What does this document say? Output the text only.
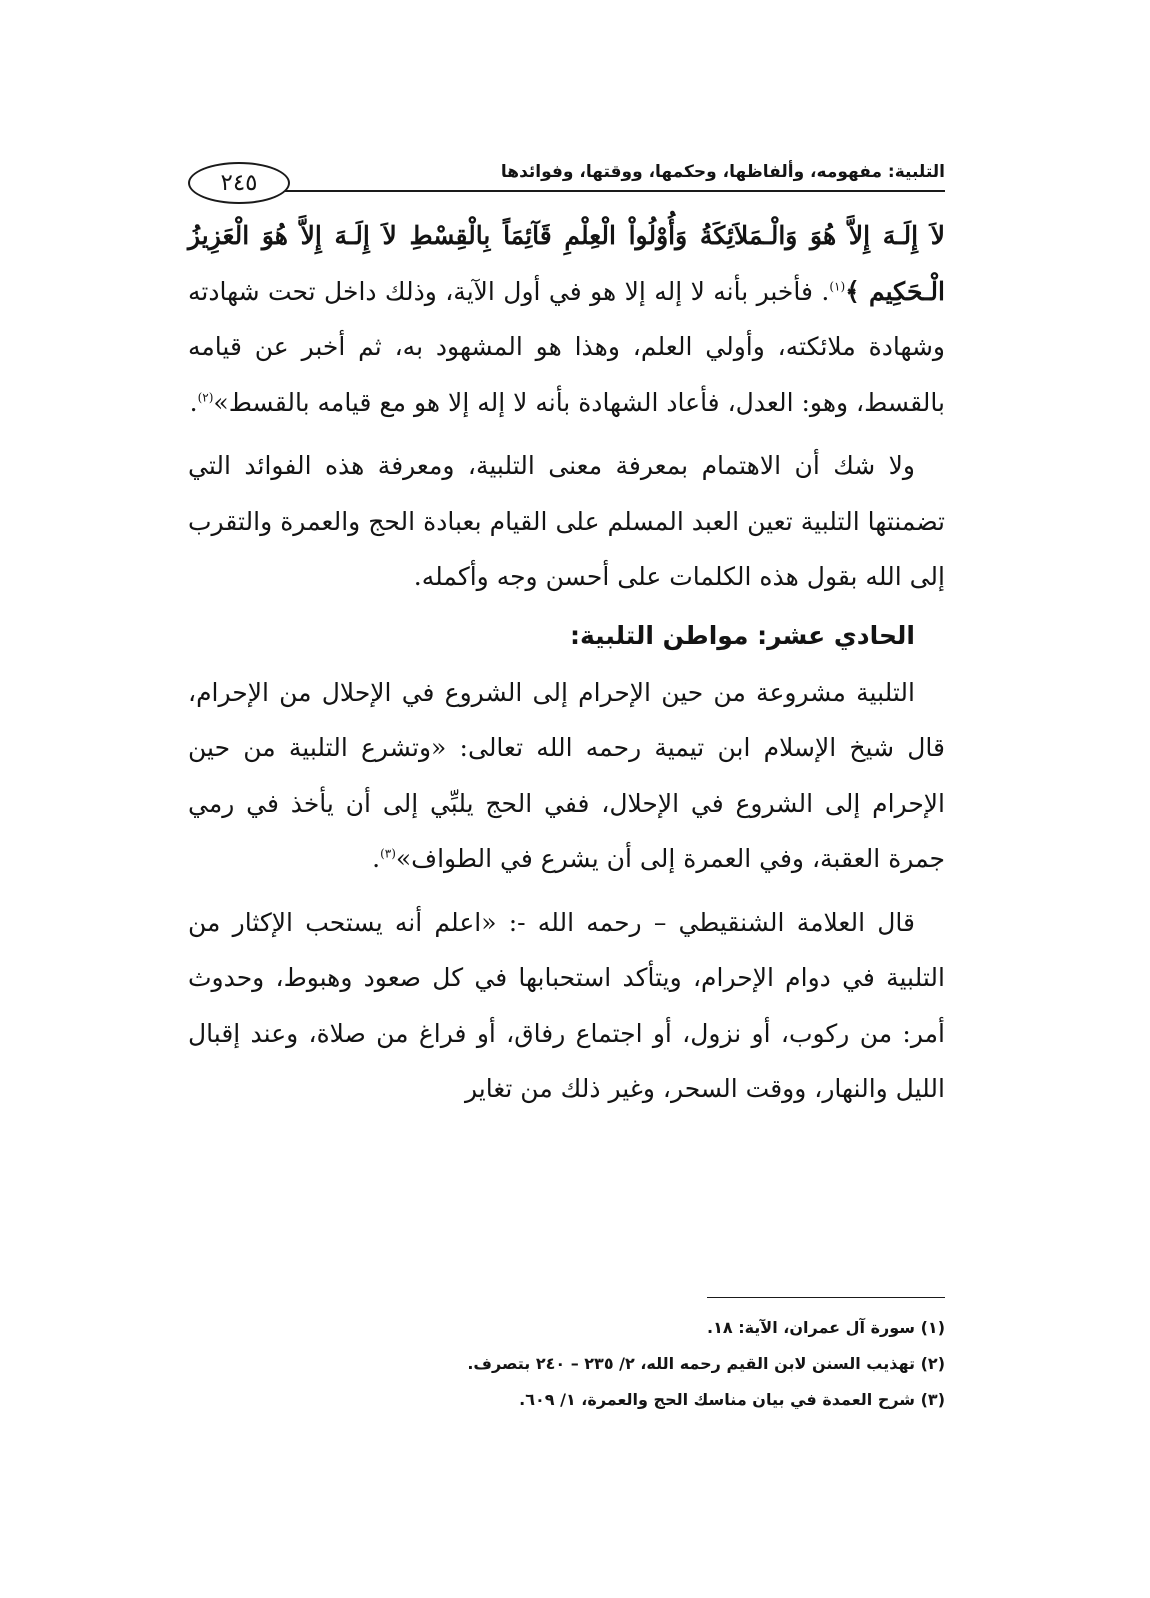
التلبية: مفهومه، وألفاظها، وحكمها، ووقتها، وفوائدها
٢٤٥

لاَ إِلَـهَ إِلاَّ هُوَ وَالْـمَلاَئِكَةُ وَأُوْلُواْ الْعِلْمِ قَآئِمَاً بِالْقِسْطِ لاَ إِلَـهَ إِلاَّ هُوَ الْعَزِيزُ الْـحَكِيم ﴾$^{(١)}$. فأخبر بأنه لا إله إلا هو في أول الآية، وذلك داخل تحت شهادته وشهادة ملائكته، وأولي العلم، وهذا هو المشهود به، ثم أخبر عن قيامه بالقسط، وهو: العدل، فأعاد الشهادة بأنه لا إله إلا هو مع قيامه بالقسط»$^{(٢)}$.

ولا شك أن الاهتمام بمعرفة معنى التلبية، ومعرفة هذه الفوائد التي تضمنتها التلبية تعين العبد المسلم على القيام بعبادة الحج والعمرة والتقرب إلى الله بقول هذه الكلمات على أحسن وجه وأكمله.

الحادي عشر: مواطن التلبية:

التلبية مشروعة من حين الإحرام إلى الشروع في الإحلال من الإحرام، قال شيخ الإسلام ابن تيمية رحمه الله تعالى: «وتشرع التلبية من حين الإحرام إلى الشروع في الإحلال، ففي الحج يلبِّي إلى أن يأخذ في رمي جمرة العقبة، وفي العمرة إلى أن يشرع في الطواف»$^{(٣)}$.

قال العلامة الشنقيطي – رحمه الله -: «اعلم أنه يستحب الإكثار من التلبية في دوام الإحرام، ويتأكد استحبابها في كل صعود وهبوط، وحدوث أمر: من ركوب، أو نزول، أو اجتماع رفاق، أو فراغ من صلاة، وعند إقبال الليل والنهار، ووقت السحر، وغير ذلك من تغاير

(١) سورة آل عمران، الآية: ١٨.

(٢) تهذيب السنن لابن القيم رحمه الله، ٢/ ٢٣٥ – ٢٤٠ بتصرف.

(٣) شرح العمدة في بيان مناسك الحج والعمرة، ١/ ٦٠٩.
